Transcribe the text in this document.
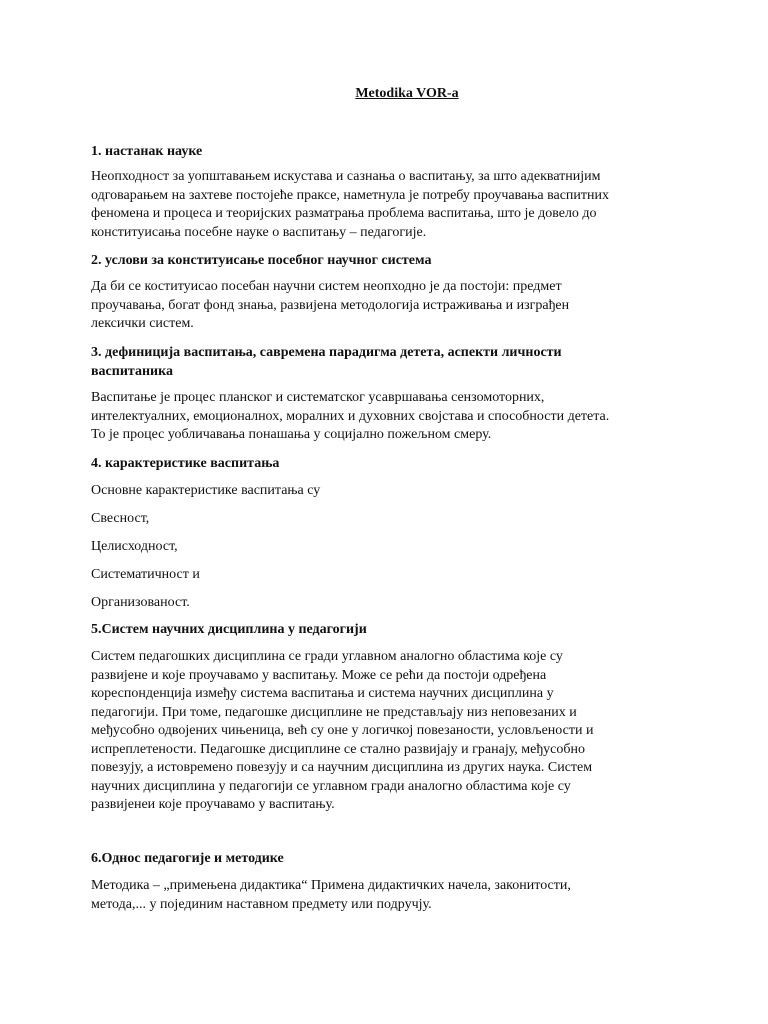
Metodika VOR-a

1. настанак науке

Неопходност за уопштавањем искустава и сазнања о васпитању, за што адекватнијим
одговарањем на захтеве постојеће праксе, наметнула је потребу проучавања васпитних
феномена и процеса и теоријских разматрања проблема васпитања, што је довело до
конституисања посебне науке о васпитању – педагогије.

2. услови за конституисање посебног научног система

Да би се коституисао посебан научни систем неопходно је да постоји: предмет
проучавања, богат фонд знања, развијена методологија истраживања и изграђен
лексички систем.

3. дефиниција васпитања, савремена парадигма детета, аспекти личности
васпитаника

Васпитање је процес планског и систематског усавршавања сензомоторних,
интелектуалних, емоционалнох, моралних и духовних својстава и способности детета.
То је процес уобличавања понашања у социјално пожељном смеру.

4. карактеристике васпитања

Основне карактеристике васпитања су

Свесност,

Целисходност,

Систематичност и

Организованост.

5.Систем научних дисциплина у педагогији

Систем педагошких дисциплина се гради углавном аналогно областима које су
развијене и које проучавамо у васпитању. Може се рећи да постоји одређена
кореспонденција између система васпитања и система научних дисциплина у
педагогији. При томе, педагошке дисциплине не представљају низ неповезаних и
међусобно одвојених чињеница, већ су оне у логичкој повезаности, условљености и
испреплетености. Педагошке дисциплине се стално развијају и гранају, међусобно
повезују, а истовремено повезују и са научним дисциплина из других наука. Систем
научних дисциплина у педагогији се углавном гради аналогно областима које су
развијенеи које проучавамо у васпитању.

6.Однос педагогије и методике

Методика – „примењена дидактика“ Примена дидактичких начела, законитости,
метода,... у појединим наставном предмету или подручју.
